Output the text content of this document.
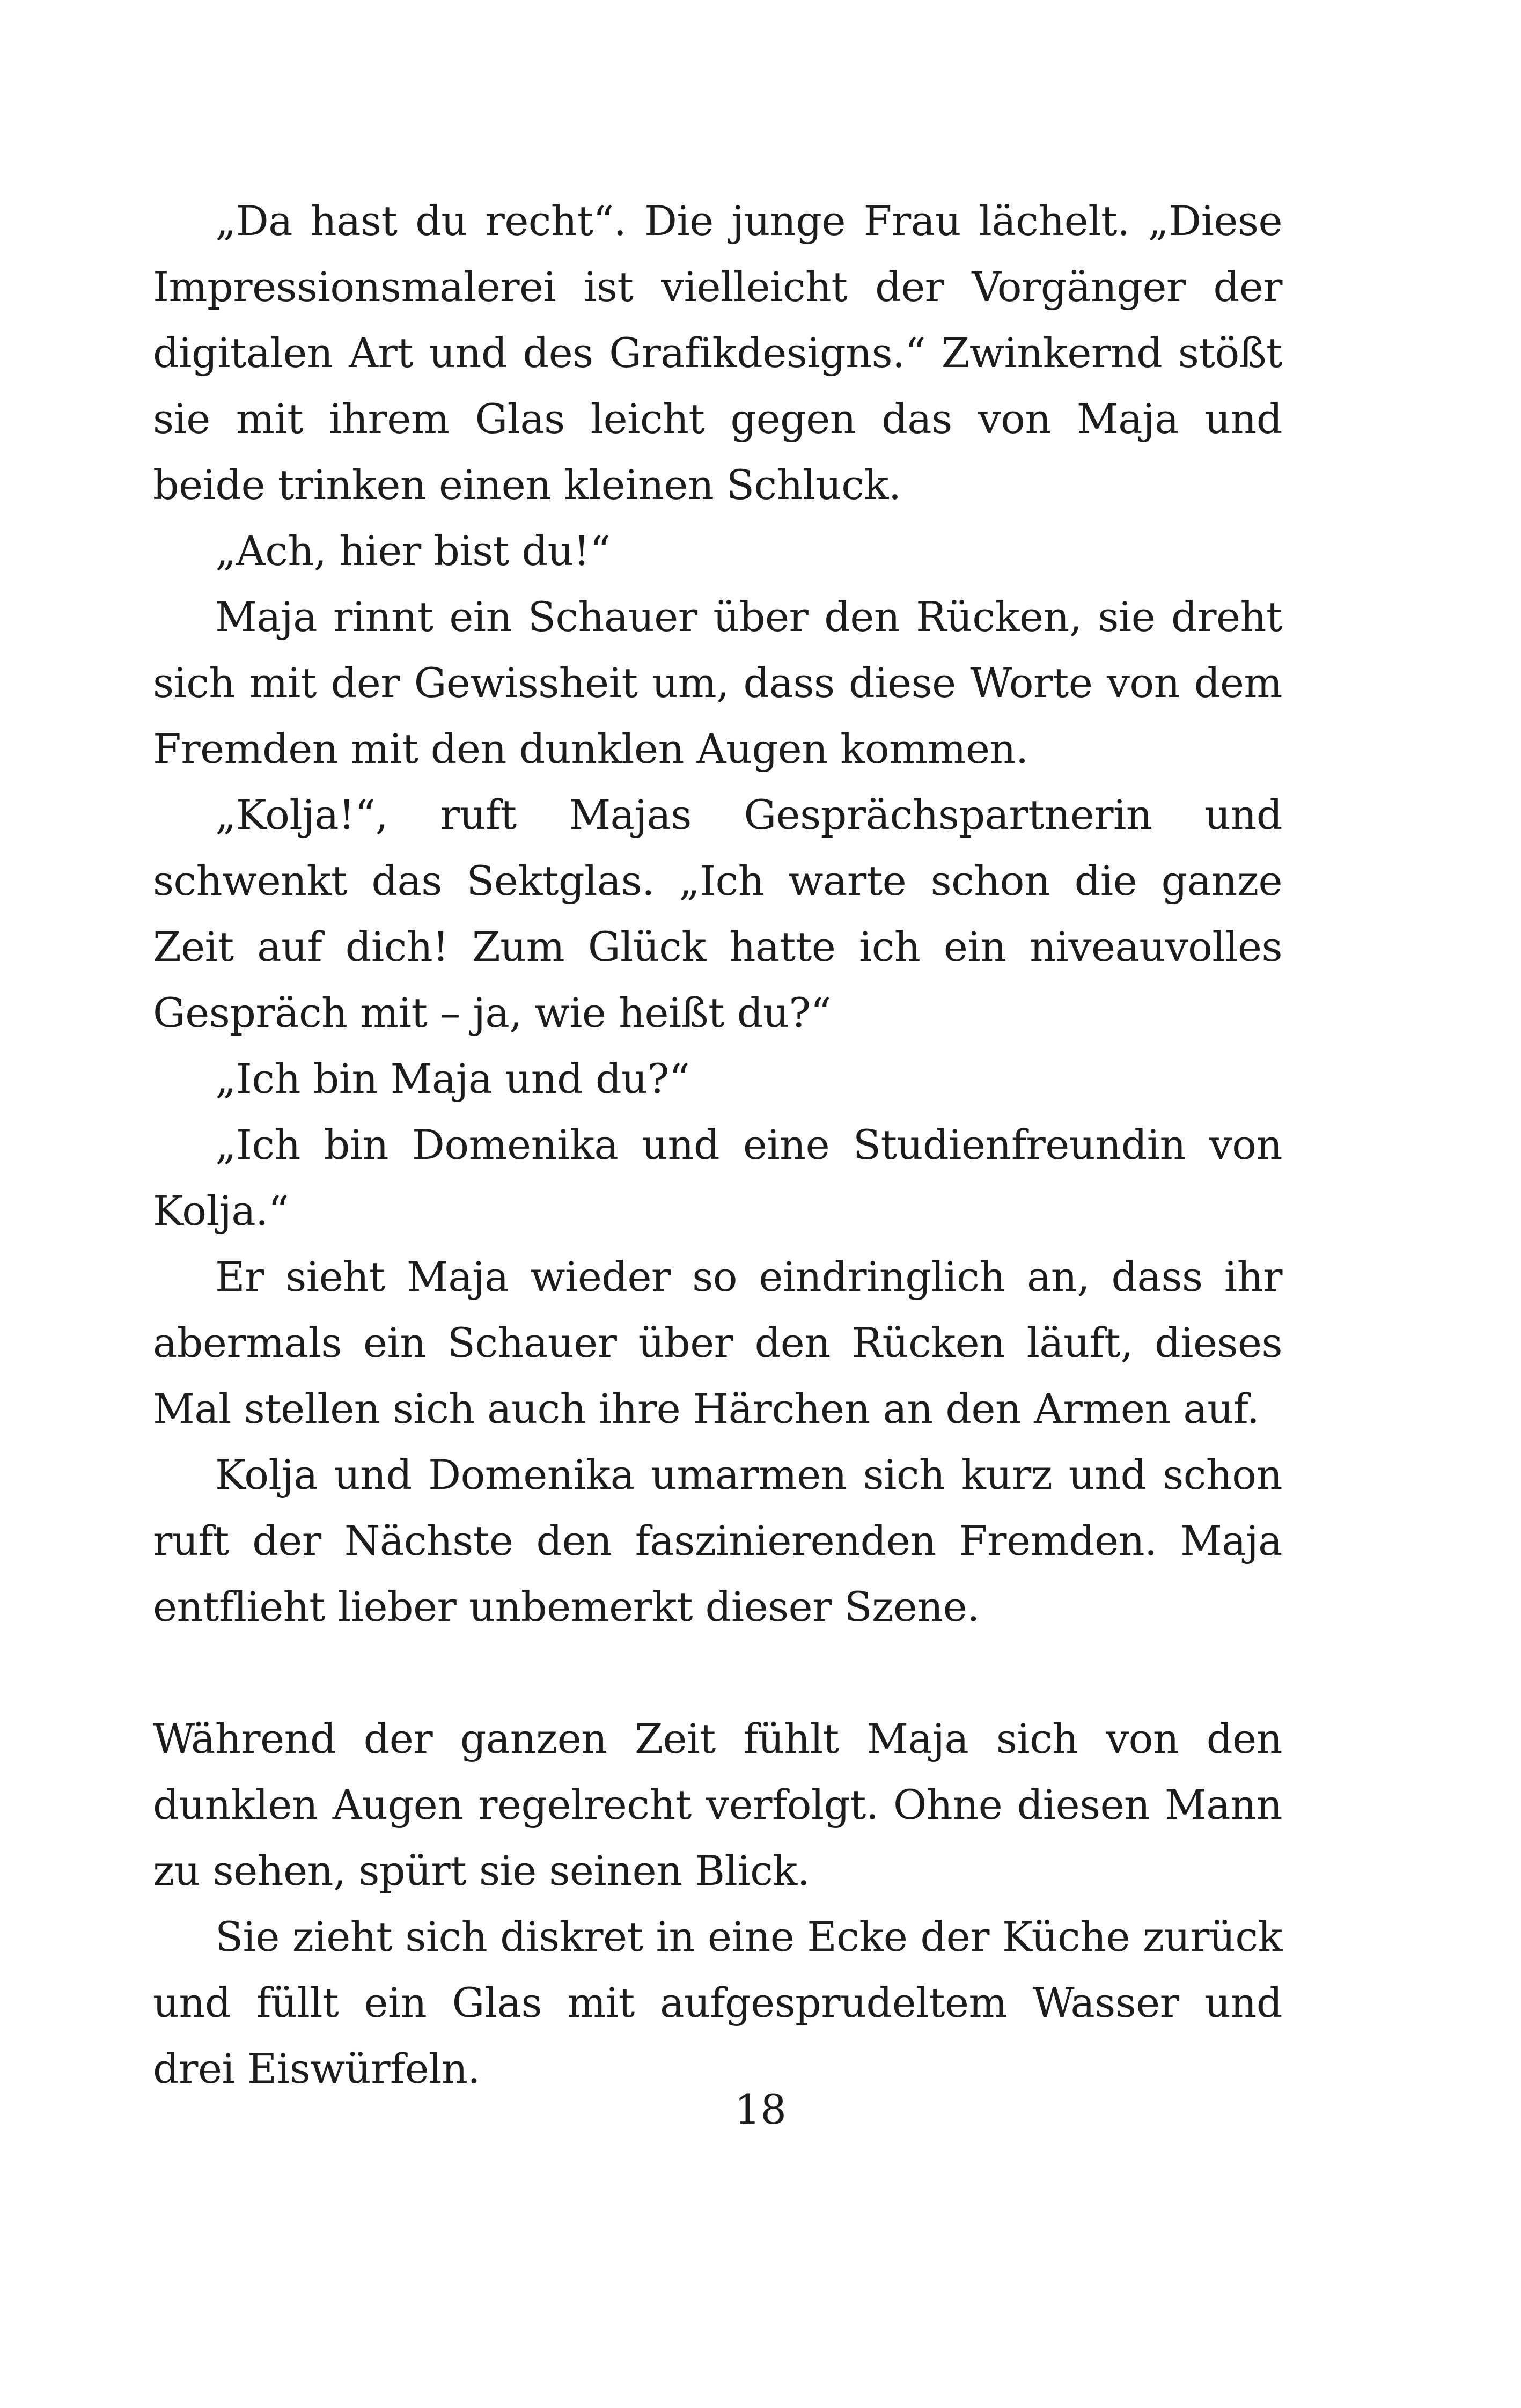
„Da hast du recht“. Die junge Frau lächelt. „Diese Impressionsmalerei ist vielleicht der Vorgänger der digitalen Art und des Grafikdesigns.“ Zwinkernd stößt sie mit ihrem Glas leicht gegen das von Maja und beide trinken einen kleinen Schluck.

„Ach, hier bist du!“

Maja rinnt ein Schauer über den Rücken, sie dreht sich mit der Gewissheit um, dass diese Worte von dem Fremden mit den dunklen Augen kommen.

„Kolja!“, ruft Majas Gesprächspartnerin und schwenkt das Sektglas. „Ich warte schon die ganze Zeit auf dich! Zum Glück hatte ich ein niveauvolles Gespräch mit – ja, wie heißt du?“

„Ich bin Maja und du?“

„Ich bin Domenika und eine Studienfreundin von Kolja.“

Er sieht Maja wieder so eindringlich an, dass ihr abermals ein Schauer über den Rücken läuft, dieses Mal stellen sich auch ihre Härchen an den Armen auf.

Kolja und Domenika umarmen sich kurz und schon ruft der Nächste den faszinierenden Fremden. Maja entflieht lieber unbemerkt dieser Szene.

Während der ganzen Zeit fühlt Maja sich von den dunklen Augen regelrecht verfolgt. Ohne diesen Mann zu sehen, spürt sie seinen Blick.

Sie zieht sich diskret in eine Ecke der Küche zurück und füllt ein Glas mit aufgesprudeltem Wasser und drei Eiswürfeln.

18
